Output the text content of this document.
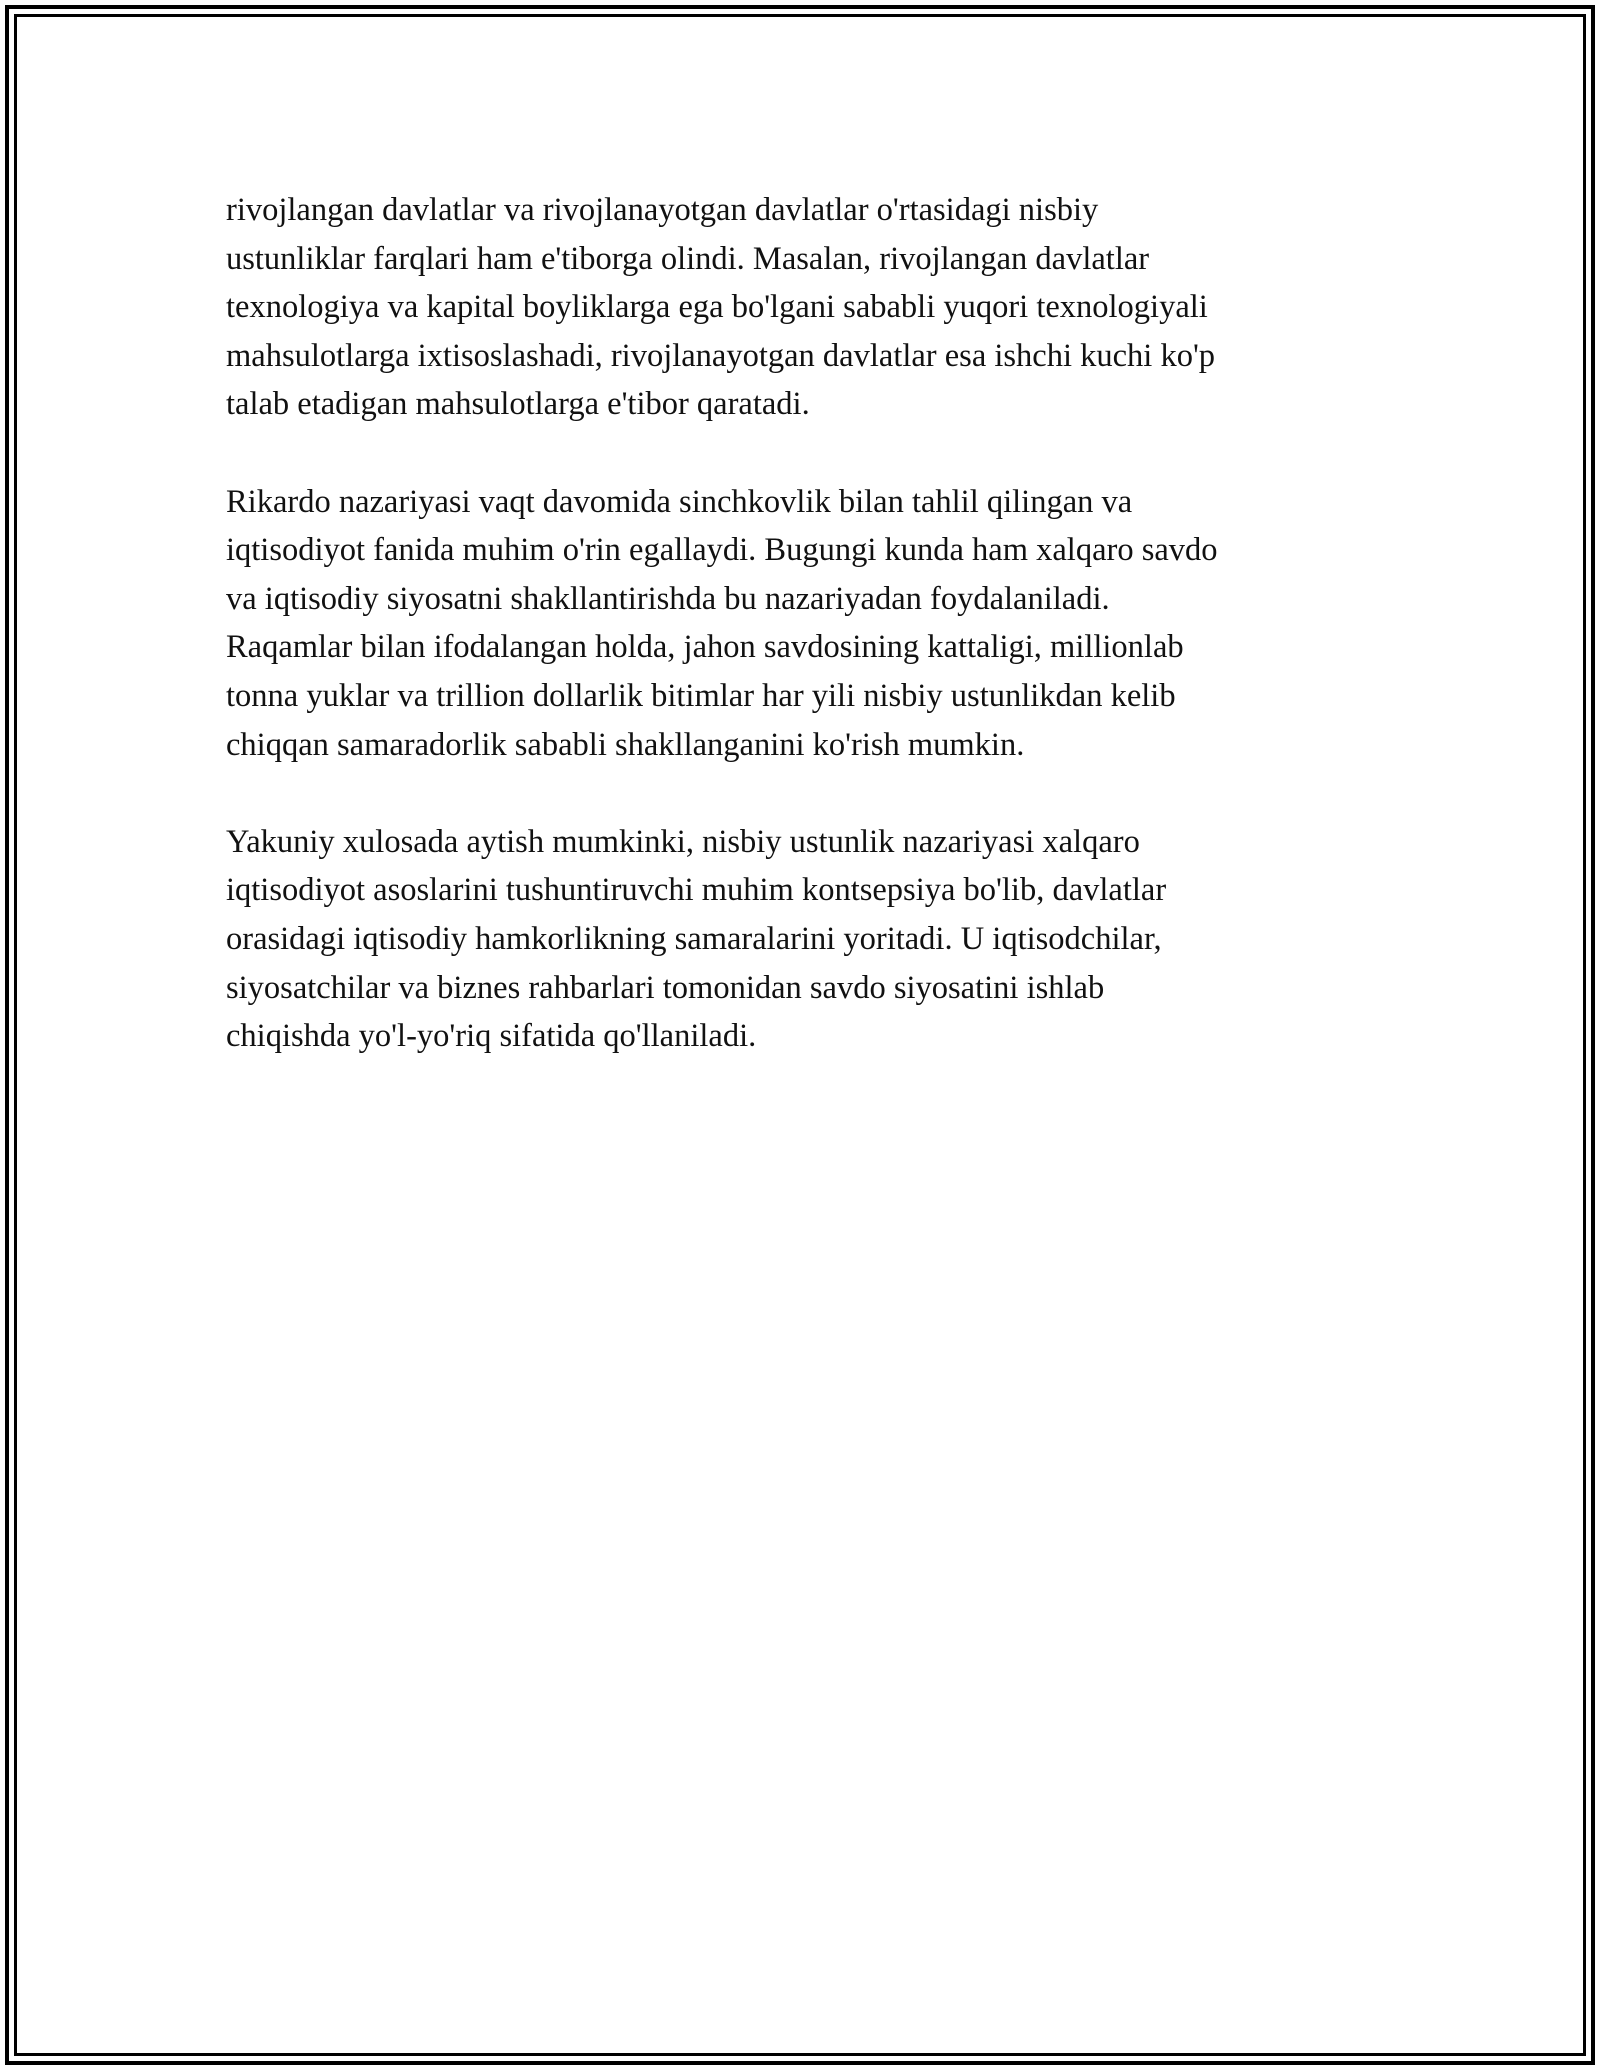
rivojlangan davlatlar va rivojlanayotgan davlatlar o'rtasidagi nisbiy
ustunliklar farqlari ham e'tiborga olindi. Masalan, rivojlangan davlatlar
texnologiya va kapital boyliklarga ega bo'lgani sababli yuqori texnologiyali
mahsulotlarga ixtisoslashadi, rivojlanayotgan davlatlar esa ishchi kuchi ko'p
talab etadigan mahsulotlarga e'tibor qaratadi.

Rikardo nazariyasi vaqt davomida sinchkovlik bilan tahlil qilingan va
iqtisodiyot fanida muhim o'rin egallaydi. Bugungi kunda ham xalqaro savdo
va iqtisodiy siyosatni shakllantirishda bu nazariyadan foydalaniladi.
Raqamlar bilan ifodalangan holda, jahon savdosining kattaligi, millionlab
tonna yuklar va trillion dollarlik bitimlar har yili nisbiy ustunlikdan kelib
chiqqan samaradorlik sababli shakllanganini ko'rish mumkin.

Yakuniy xulosada aytish mumkinki, nisbiy ustunlik nazariyasi xalqaro
iqtisodiyot asoslarini tushuntiruvchi muhim kontsepsiya bo'lib, davlatlar
orasidagi iqtisodiy hamkorlikning samaralarini yoritadi. U iqtisodchilar,
siyosatchilar va biznes rahbarlari tomonidan savdo siyosatini ishlab
chiqishda yo'l-yo'riq sifatida qo'llaniladi.
